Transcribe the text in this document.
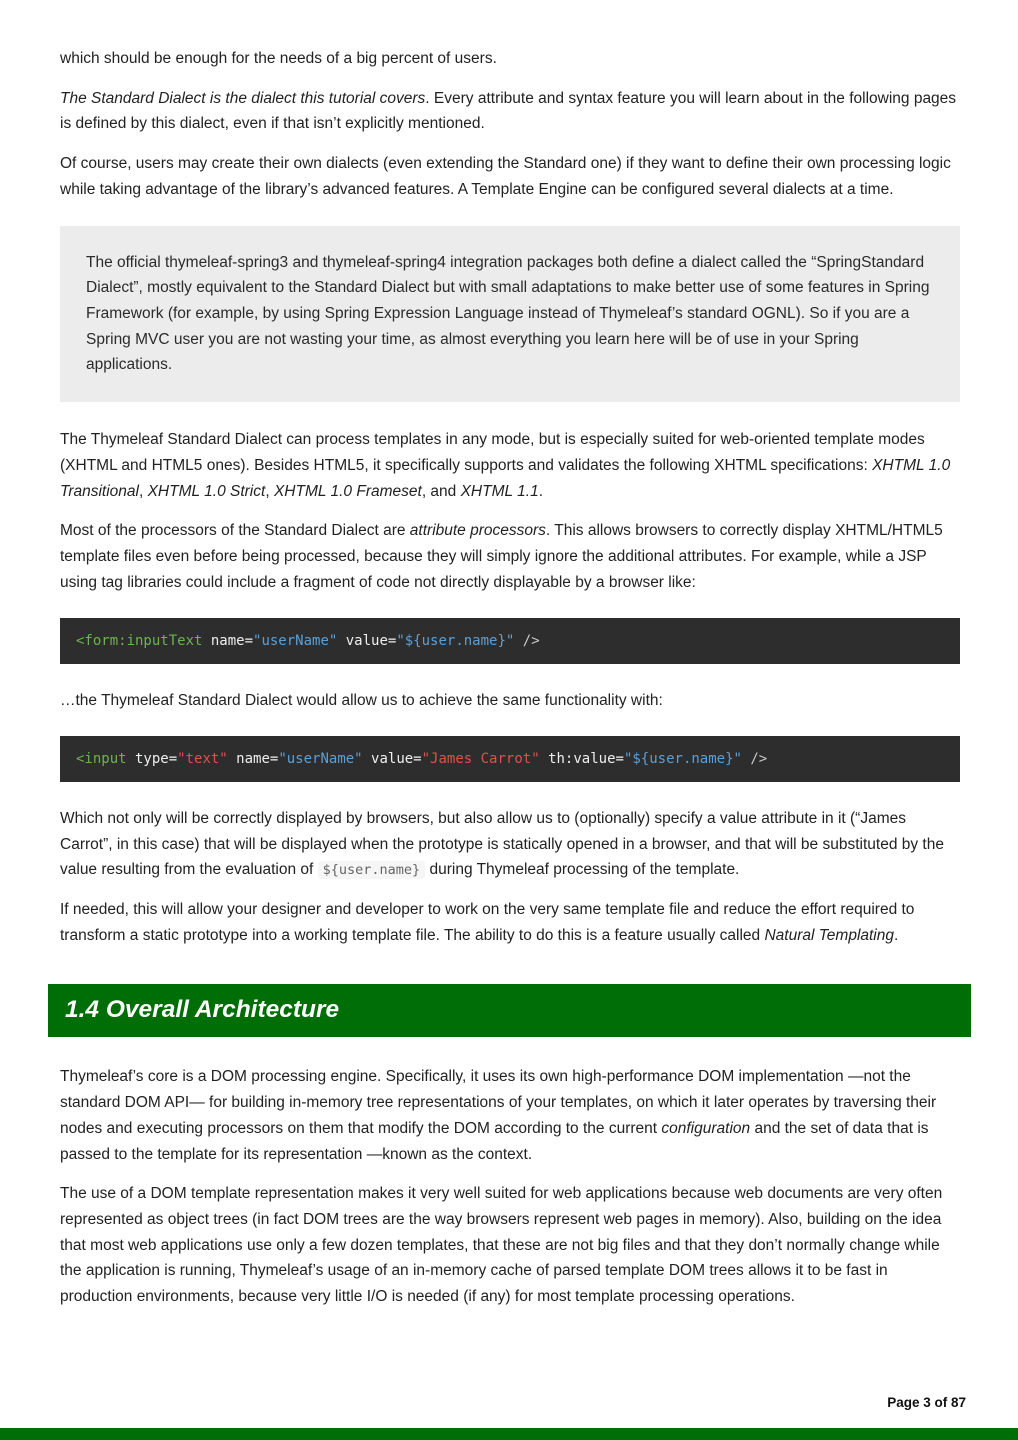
which should be enough for the needs of a big percent of users.

The Standard Dialect is the dialect this tutorial covers. Every attribute and syntax feature you will learn about in the following pages is defined by this dialect, even if that isn’t explicitly mentioned.

Of course, users may create their own dialects (even extending the Standard one) if they want to define their own processing logic while taking advantage of the library’s advanced features. A Template Engine can be configured several dialects at a time.

The official thymeleaf-spring3 and thymeleaf-spring4 integration packages both define a dialect called the “SpringStandard Dialect”, mostly equivalent to the Standard Dialect but with small adaptations to make better use of some features in Spring Framework (for example, by using Spring Expression Language instead of Thymeleaf’s standard OGNL). So if you are a Spring MVC user you are not wasting your time, as almost everything you learn here will be of use in your Spring applications.

The Thymeleaf Standard Dialect can process templates in any mode, but is especially suited for web-oriented template modes (XHTML and HTML5 ones). Besides HTML5, it specifically supports and validates the following XHTML specifications: XHTML 1.0 Transitional, XHTML 1.0 Strict, XHTML 1.0 Frameset, and XHTML 1.1.

Most of the processors of the Standard Dialect are attribute processors. This allows browsers to correctly display XHTML/HTML5 template files even before being processed, because they will simply ignore the additional attributes. For example, while a JSP using tag libraries could include a fragment of code not directly displayable by a browser like:

<form:inputText name="userName" value="${user.name}" />

…the Thymeleaf Standard Dialect would allow us to achieve the same functionality with:

<input type="text" name="userName" value="James Carrot" th:value="${user.name}" />

Which not only will be correctly displayed by browsers, but also allow us to (optionally) specify a value attribute in it (“James Carrot”, in this case) that will be displayed when the prototype is statically opened in a browser, and that will be substituted by the value resulting from the evaluation of ${user.name} during Thymeleaf processing of the template.

If needed, this will allow your designer and developer to work on the very same template file and reduce the effort required to transform a static prototype into a working template file. The ability to do this is a feature usually called Natural Templating.

1.4 Overall Architecture

Thymeleaf’s core is a DOM processing engine. Specifically, it uses its own high-performance DOM implementation —not the standard DOM API— for building in-memory tree representations of your templates, on which it later operates by traversing their nodes and executing processors on them that modify the DOM according to the current configuration and the set of data that is passed to the template for its representation —known as the context.

The use of a DOM template representation makes it very well suited for web applications because web documents are very often represented as object trees (in fact DOM trees are the way browsers represent web pages in memory). Also, building on the idea that most web applications use only a few dozen templates, that these are not big files and that they don’t normally change while the application is running, Thymeleaf’s usage of an in-memory cache of parsed template DOM trees allows it to be fast in production environments, because very little I/O is needed (if any) for most template processing operations.

Page 3 of 87
